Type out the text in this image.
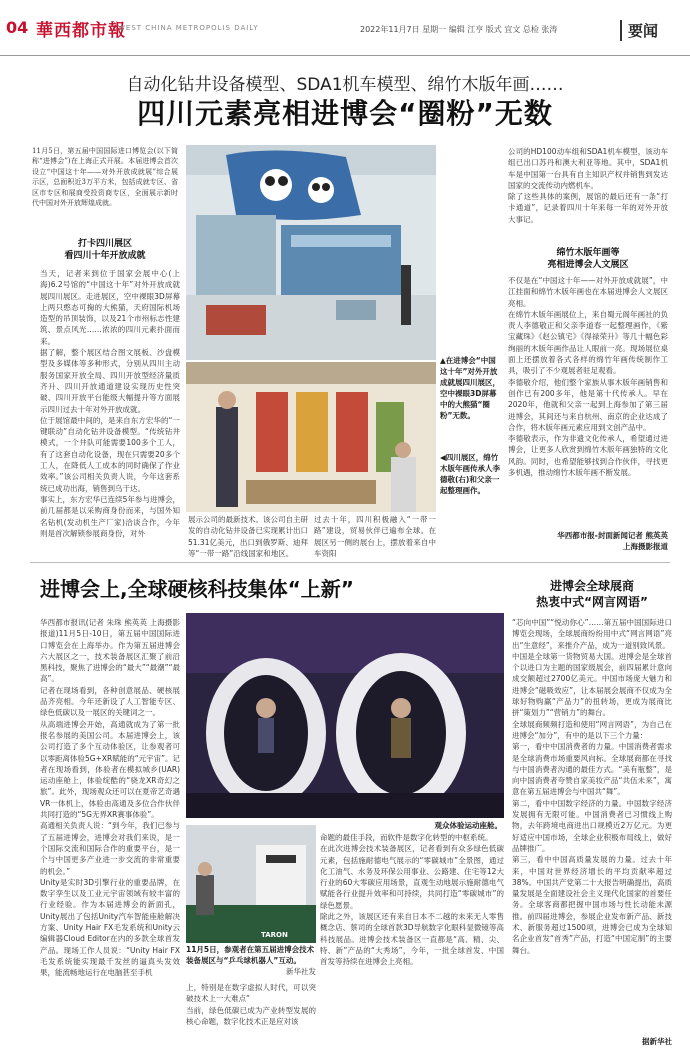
04 華西都市報
WEST CHINA METROPOLIS DAILY	2022年11月7日 星期一 编辑 江亨 版式 宜文 总检 张涛	要闻
自动化钻井设备模型、SDA1机车模型、绵竹木版年画……
四川元素亮相进博会“圈粉”无数
11月5日，第五届中国国际进口博览会(以下简称“进博会”)在上海正式开展。本届进博会首次设立“中国这十年——对外开放成就展”综合展示区，总面积近3万平方米，包括成就专区、省区市专区和展商受投资商专区，全面展示新时代中国对外开放辉煌成就。
打卡四川展区
看四川十年开放成就
当天，记者来到位于国家会展中心(上海)6.2号馆的“中国这十年”对外开放成就展四川展区。走进展区，空中裸眼3D屏幕上两只憨态可掬的大熊猫，天府国际机场造型的吊顶装饰，以及21个市州标志性建筑、景点风光……浓浓的四川元素扑面而来。
据了解，整个展区结合图文展板、沙盘模型及多媒体等多种形式，分别从四川主动服务国家开放全局、四川开放型经济量质齐升、四川开放通道建设实现历史性突破、四川开放平台能级大幅提升等方面展示四川过去十年对外开放成就。
位于展馆最中间的，是来自东方宏华的“一键联动”自动化钻井设备模型。“传统钻井模式，一个井队可能需要100多个工人，有了这套自动化设备，现在只需要20多个工人，在降低人工成本的同时确保了作业效率。”该公司相关负责人说，今年这套系统已成功出海，销售到乌干达。
事实上，东方宏华已连续5年参与进博会，前几届都是以采购商身份而来，与国外知名钻机(发动机生产厂家)洽谈合作，今年则是首次解锁参展商身份，对外
▲在进博会“中国这十年”对外开放成就展四川展区，空中裸眼3D屏幕中的大熊猫“圈粉”无数。
◀四川展区，绵竹木版年画传承人李德敬(右)和父亲一起整理画作。
展示公司的最新技术。该公司自主研发的自动化钻井设备已实现累计出口51.31亿美元，出口到俄罗斯、迪拜等“一带一路”沿线国家和地区。
过去十年，四川积极融入“一带一路”建设，贸易伙伴已遍布全球。在展区另一侧的展台上，摆放着来自中车资阳
公司的HD100动车组和SDA1机车模型，该动车组已出口苏丹和澳大利亚等地。其中，SDA1机车是中国第一台具有自主知识产权并销售到发达国家的交流传动内燃机车。
除了这些具体的案例，展馆的最后还有一条“打卡通道”，记录着四川十年来每一年的对外开放大事记。
绵竹木版年画等
亮相进博会人文展区
不仅是在“中国这十年——对外开放成就展”，中江挂面和绵竹木版年画也在本届进博会人文展区亮相。
在绵竹木版年画展位上，来自蜀元阁年画社的负责人李德敬正和父亲李道春一起整理画作，《紫宝藏珠》《赵公镇宅》《得禄荣升》等几十幅色彩绚丽的木版年画作品让人眼前一亮。现场展位桌面上还摆放着各式各样的绵竹年画传统制作工具，吸引了不少观展者驻足观看。
李德敬介绍，他们整个家族从事木版年画销售和创作已有200多年，他是第十代传承人。早在2020年，他就和父亲一起到上海参加了第三届进博会，其间还与来自杭州、南京的企业达成了合作，将木版年画元素应用到文创产品中。
李德敬表示，作为非遗文化传承人，希望通过进博会，让更多人欣赏到绵竹木版年画独特的文化风韵。同时，也希望能够找到合作伙伴，寻找更多机遇，推动绵竹木版年画不断发展。
华西都市报-封面新闻记者 熊英英
上海摄影报道
进博会上,全球硬核科技集体“上新”
华西都市报讯(记者 朱珠 熊英英 上海摄影报道)11月5日-10日，第五届中国国际进口博览会在上海举办。作为第五届进博会六大展区之一，技术装备展区汇聚了前沿黑科技，聚焦了进博会的“最大”“最潮”“最高”。
记者在现场看到，各种创意展品、硬核展品齐亮相。今年还新设了人工智能专区、绿色低碳以及一展区的关键词之一。
从高端进博会开始，高通就成为了第一批报名参展的美国公司。本届进博会上，该公司打造了多个互动体验区，让参观者可以零距离体验5G+XR赋能的“元宇宙”。记者在现场看到，体验者在模拟城乡(UAR)运动座舱上，体验绽酷的“骁龙XR奇幻之旅”。此外，现场观众还可以在夏帝艺奇遇VR一体机上，体验由高通及多位合作伙伴共同打造的“5G无界XR赛事体验”。
高通相关负责人说：“到今年，我们已参与了五届进博会，进博会对我们来说，是一个国际交流和国际合作的重要平台，是一个与中国更多产业进一步交流的非常重要的机会。”
Unity是实时3D引擎行业的重要品牌，在数字孪生以及工业元宇宙领域有较丰富的行业经验。作为本届进博会的新面孔，Unity展出了包括Unity汽车智能座舱解决方案、Unity Hair FX毛发系统和Unity云编辑器Cloud Editor在内的多款全球首发产品。现场工作人员说：“Unity Hair FX毛发系统能实现最千发丝的逼真头发效果，能流畅地运行在电脑甚至手机
观众体验运动座舱。
TARON
11月5日，参观者在第五届进博会技术装备展区与“乒乓球机器人”互动。
新华社发
上，特别是在数字虚拟人时代，可以突破技术上一大难点”
当前，绿色低碳已成为产业转型发展的核心命题，数字化技术正是应对该
命题的最佳手段，而软件是数字化转型的中枢系统。
在此次进博会技术装备展区，记者看到有众多绿色低碳元素，包括施耐德电气展示的“零碳城市”全景图，通过化工油气、水务及环保公用事业、公路建、住宅等12大行业的60大零碳应用场景，直观生动地展示施耐德电气赋能各行业提升效率和可持续，共同打造“零碳城市”的绿色愿景。
除此之外，该展区还有来自日本不二越的未来无人零售概念店、蔡司的全球首款3D导航数字化眼科显微镜等高科技展品。进博会技术装备区一直都是“高、精、尖、特、新”产品的“大秀场”，今年，一批全球首发、中国首发等持续在进博会上亮相。
进博会全球展商
热衷中式“网言网语”
“芯向中国”“悦动你心”……第五届中国国际进口博览会现场，全球展商纷纷用中式“网言网语”亮出“生意经”，来推介产品，成为一道别致风景。
中国是全球第一货物贸易大国。进博会是全球首个以进口为主题的国家级展会，前四届累计意向成交额超过2700亿美元。中国市场庞大魅力和进博会“磁吸效应”，让本届展会展商不仅成为全球好物购赢“产品力”的扭转场，更成为展商比拼“策划力”“营销力”的舞台。
全球展商频频打造和使用“网言网语”，为自己在进博会“加分”，有中的是以下三个力量：
第一，看中中国消费者的力量。中国消费者需求是全球消费市场重要风向标。全球展商都在寻找与中国消费者沟通的最佳方式。“美有瓶整”，是向中国消费者夸赞自家美妆产品“共伍未来”，寓意在第五届进博会与中国共“舞”。
第二，看中中国数字经济的力量。中国数字经济发展拥有无限可能。中国消费者已习惯线上购物，去年跨境电商进出口规模近2万亿元。为更好适应中国市场，全球企业积极布局线上，做好品牌推广。
第三，看中中国高质量发展的力量。过去十年来，中国对世界经济增长的平均贡献率超过38%。中国共产党第二十大报告明确提出，高质量发展是全面建设社会主义现代化国家的首要任务。全球客商都把握中国市场与性长动能未源推。前四届进博会，参展企业发布新产品、新技术、新服务超过1500项，进博会已成为全球知名企业首发“首秀”产品，打造“中国定制”的主要舞台。
据新华社
